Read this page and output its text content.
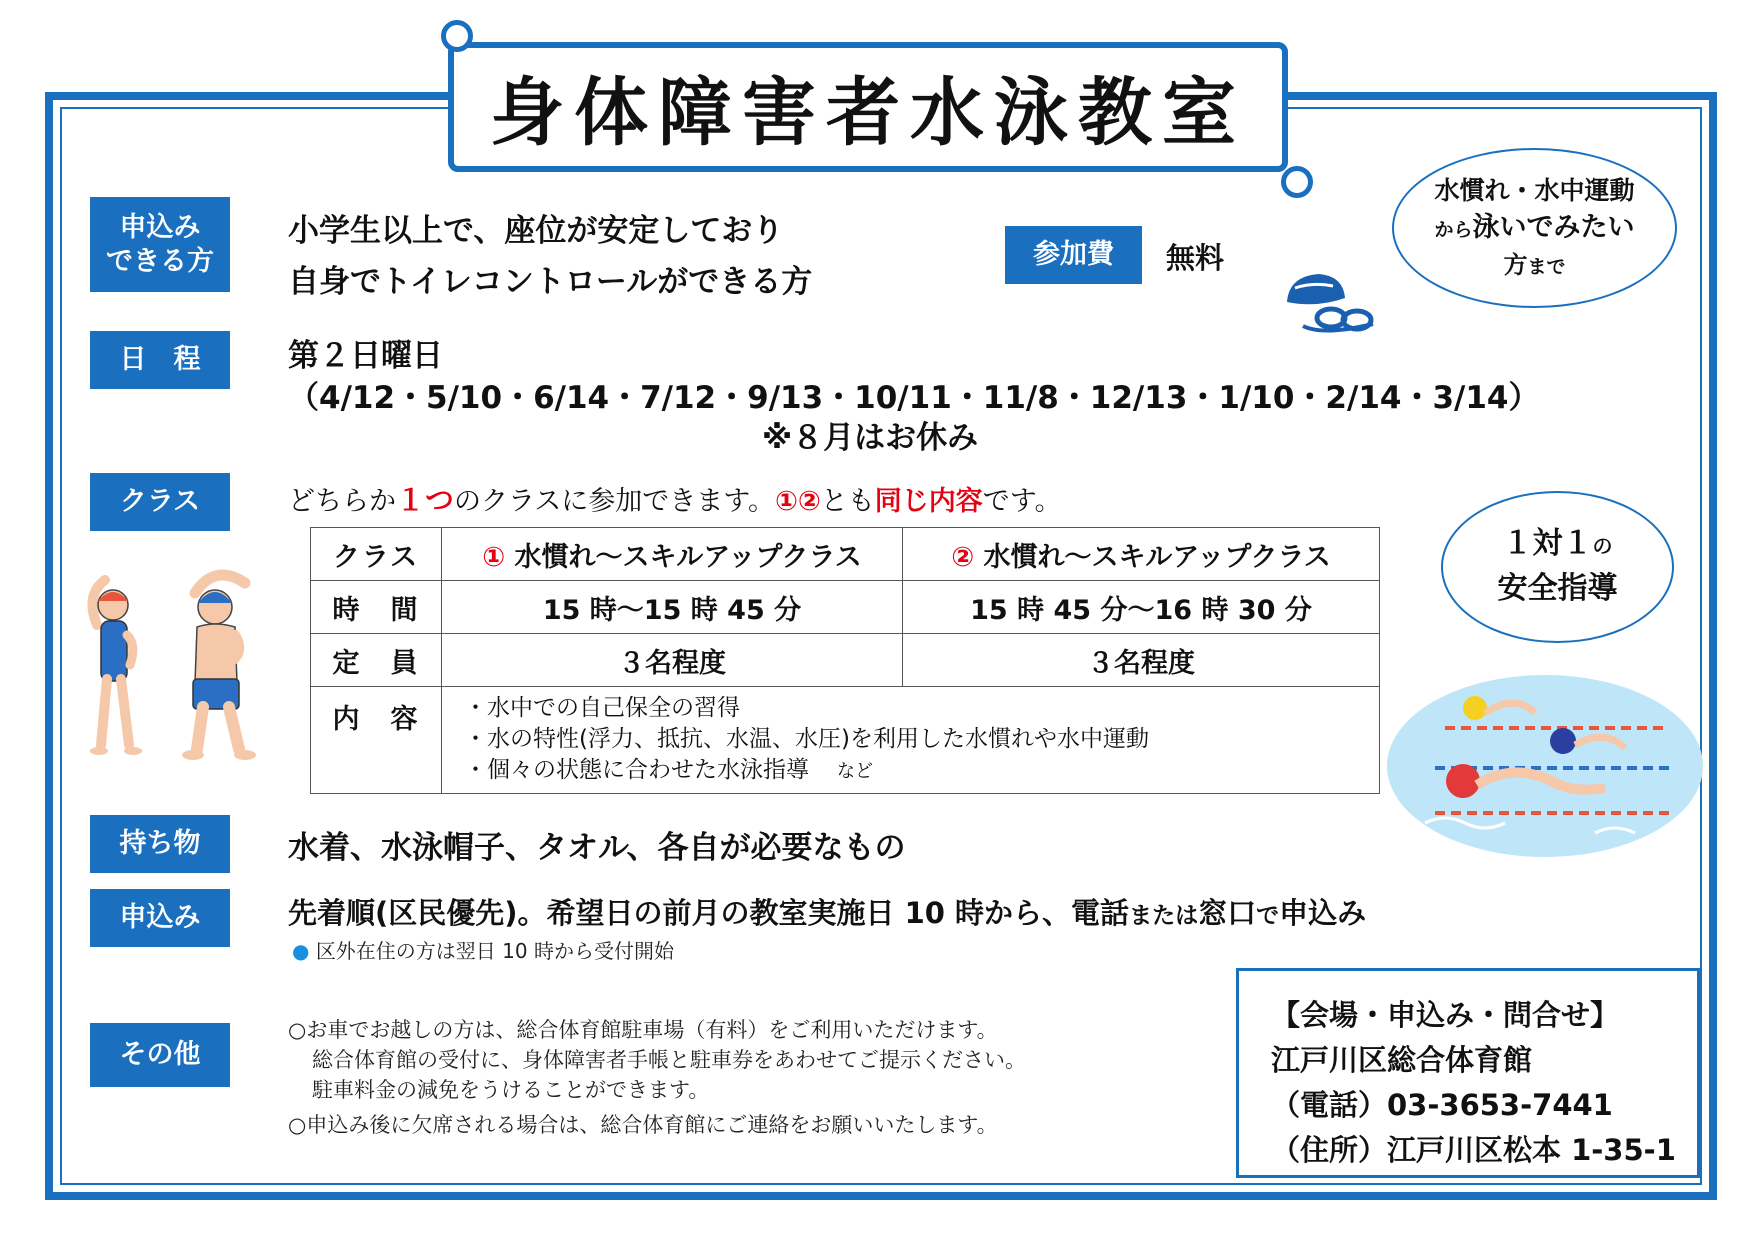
身体障害者水泳教室
申込み
できる方
小学生以上で、座位が安定しており
自身でトイレコントロールができる方
参加費	無料
水慣れ・水中運動
から泳いでみたい
方まで
日　程	第２日曜日
（4/12・5/10・6/14・7/12・9/13・10/11・11/8・12/13・1/10・2/14・3/14）
※８月はお休み
クラス	どちらか１つのクラスに参加できます。①②とも同じ内容です。
クラス	① 水慣れ～スキルアップクラス	② 水慣れ～スキルアップクラス
時　間	15 時～15 時 45 分	15 時 45 分～16 時 30 分
定　員	３名程度	３名程度
内　容	・水中での自己保全の習得
・水の特性(浮力、抵抗、水温、水圧)を利用した水慣れや水中運動
・個々の状態に合わせた水泳指導 など	
１対１の
安全指導
持ち物	水着、水泳帽子、タオル、各自が必要なもの
申込み	先着順(区民優先)。希望日の前月の教室実施日 10 時から、電話または窓口で申込み
● 区外在住の方は翌日 10 時から受付開始
その他
○お車でお越しの方は、総合体育館駐車場（有料）をご利用いただけます。
総合体育館の受付に、身体障害者手帳と駐車券をあわせてご提示ください。
駐車料金の減免をうけることができます。
○申込み後に欠席される場合は、総合体育館にご連絡をお願いいたします。
【会場・申込み・問合せ】
江戸川区総合体育館
（電話）03-3653-7441
（住所）江戸川区松本 1-35-1
